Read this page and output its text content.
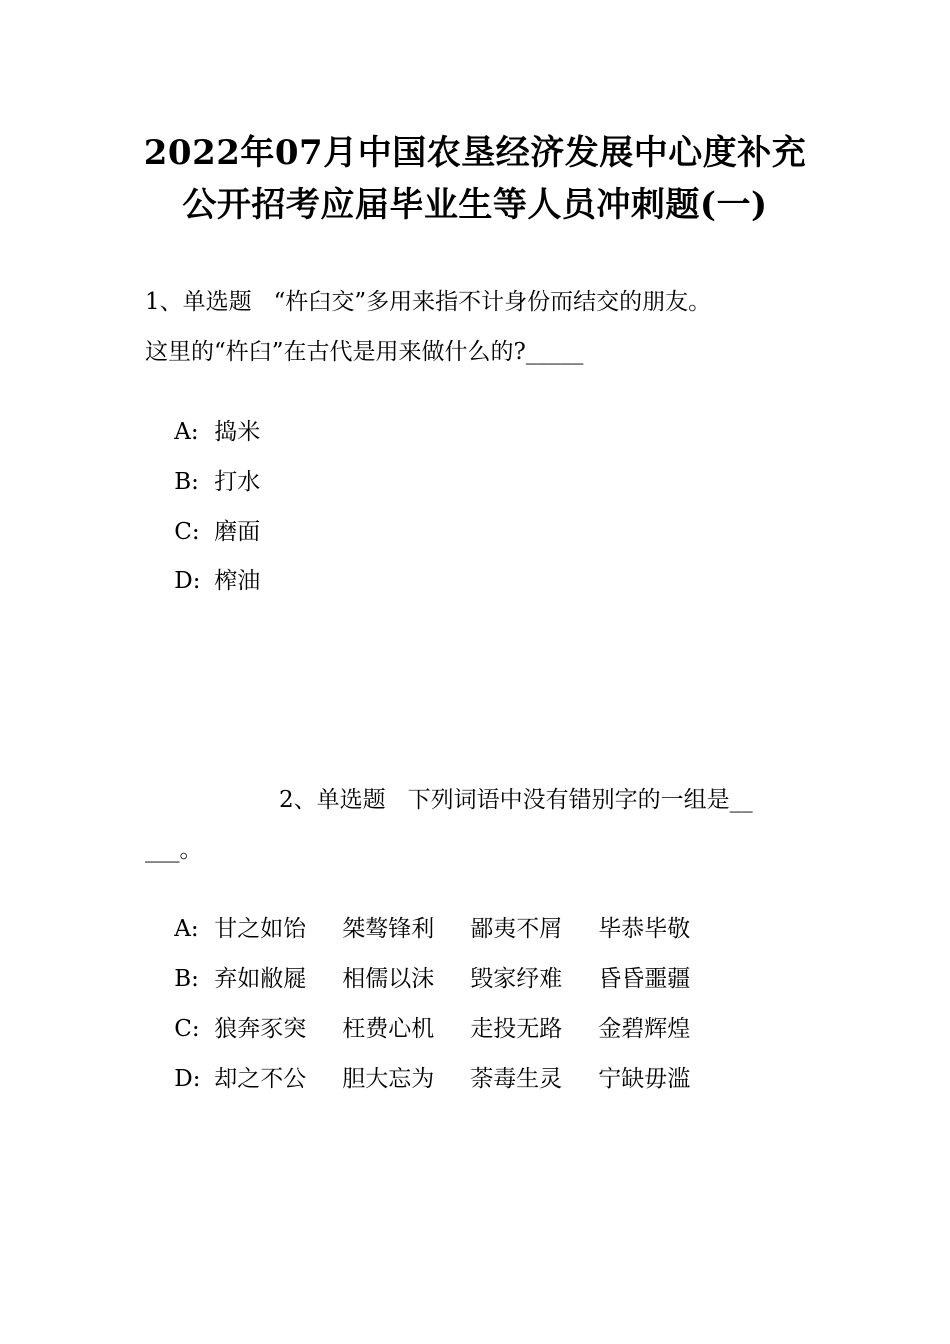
2022年07月中国农垦经济发展中心度补充
公开招考应届毕业生等人员冲刺题(一)
1、单选题   “杵臼交”多用来指不计身份而结交的朋友。
这里的“杵臼”在古代是用来做什么的?_____

A: 捣米

B: 打水

C: 磨面

D: 榨油

2、单选题   下列词语中没有错别字的一组是__
___。

A: 甘之如饴 桀骜锋利 鄙夷不屑 毕恭毕敬

B: 弃如敝屣 相儒以沫 毁家纾难 昏昏噩疆

C: 狼奔豕突 枉费心机 走投无路 金碧辉煌

D: 却之不公 胆大忘为 荼毒生灵 宁缺毋滥
